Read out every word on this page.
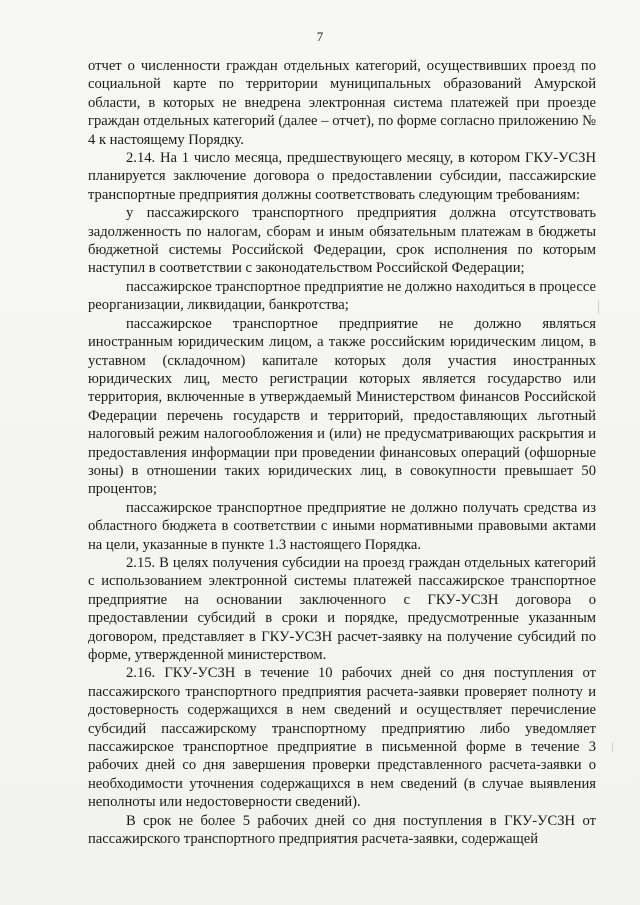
7

отчет о численности граждан отдельных категорий, осуществивших проезд по социальной карте по территории муниципальных образований Амурской области, в которых не внедрена электронная система платежей при проезде граждан отдельных категорий (далее – отчет), по форме согласно приложению № 4 к настоящему Порядку.

2.14. На 1 число месяца, предшествующего месяцу, в котором ГКУ-УСЗН планируется заключение договора о предоставлении субсидии, пассажирские транспортные предприятия должны соответствовать следующим требованиям:

у пассажирского транспортного предприятия должна отсутствовать задолженность по налогам, сборам и иным обязательным платежам в бюджеты бюджетной системы Российской Федерации, срок исполнения по которым наступил в соответствии с законодательством Российской Федерации;

пассажирское транспортное предприятие не должно находиться в процессе реорганизации, ликвидации, банкротства;

пассажирское транспортное предприятие не должно являться иностранным юридическим лицом, а также российским юридическим лицом, в уставном (складочном) капитале которых доля участия иностранных юридических лиц, место регистрации которых является государство или территория, включенные в утверждаемый Министерством финансов Российской Федерации перечень государств и территорий, предоставляющих льготный налоговый режим налогообложения и (или) не предусматривающих раскрытия и предоставления информации при проведении финансовых операций (офшорные зоны) в отношении таких юридических лиц, в совокупности превышает 50 процентов;

пассажирское транспортное предприятие не должно получать средства из областного бюджета в соответствии с иными нормативными правовыми актами на цели, указанные в пункте 1.3 настоящего Порядка.

2.15. В целях получения субсидии на проезд граждан отдельных категорий с использованием электронной системы платежей пассажирское транспортное предприятие на основании заключенного с ГКУ-УСЗН договора о предоставлении субсидий в сроки и порядке, предусмотренные указанным договором, представляет в ГКУ-УСЗН расчет-заявку на получение субсидий по форме, утвержденной министерством.

2.16. ГКУ-УСЗН в течение 10 рабочих дней со дня поступления от пассажирского транспортного предприятия расчета-заявки проверяет полноту и достоверность содержащихся в нем сведений и осуществляет перечисление субсидий пассажирскому транспортному предприятию либо уведомляет пассажирское транспортное предприятие в письменной форме в течение 3 рабочих дней со дня завершения проверки представленного расчета-заявки о необходимости уточнения содержащихся в нем сведений (в случае выявления неполноты или недостоверности сведений).

В срок не более 5 рабочих дней со дня поступления в ГКУ-УСЗН от пассажирского транспортного предприятия расчета-заявки, содержащей
